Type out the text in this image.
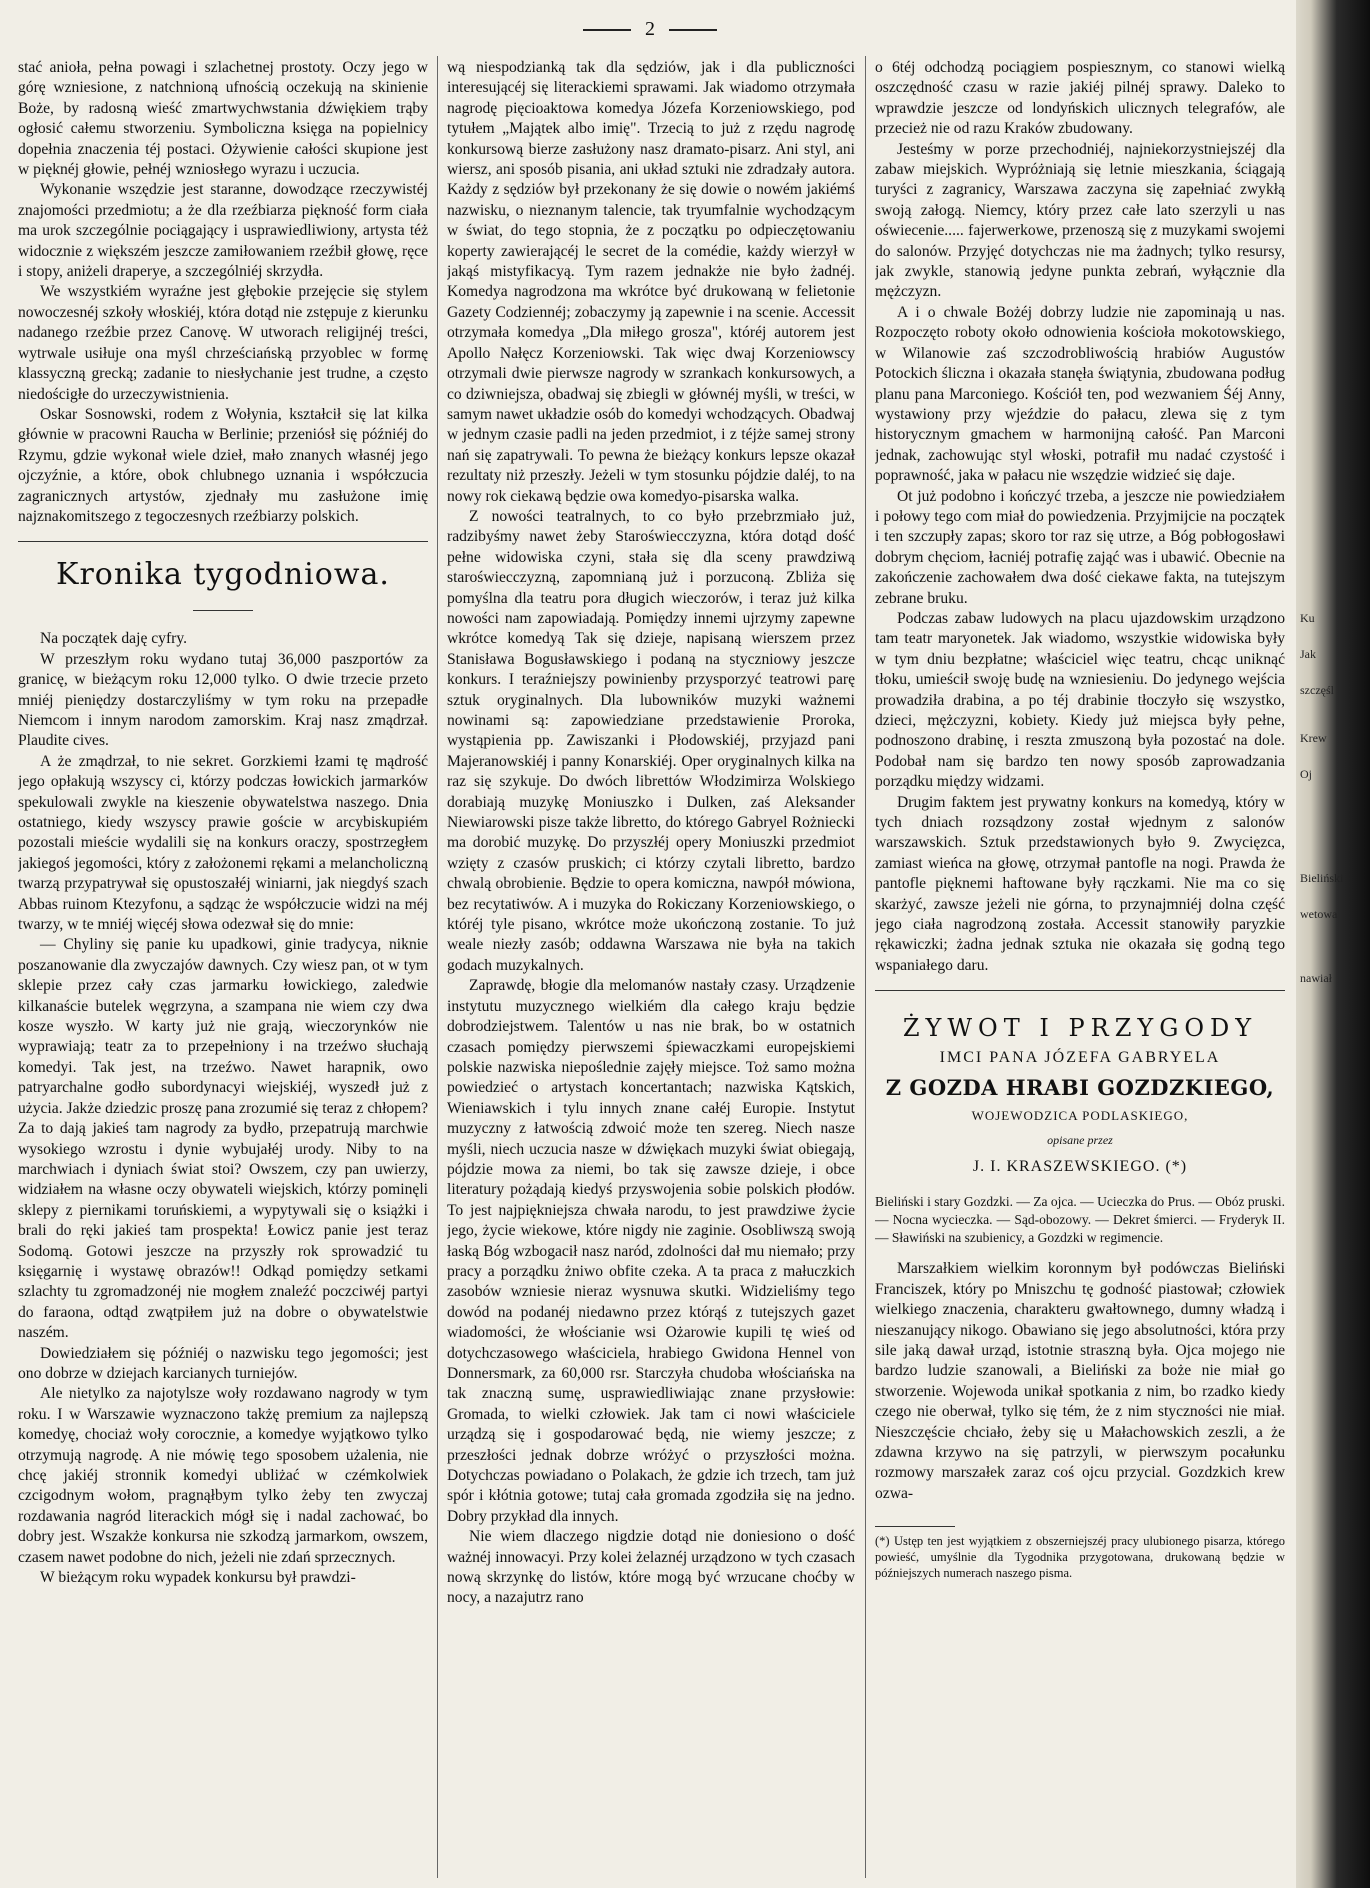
2

stać anioła, pełna powagi i szlachetnej prostoty. Oczy jego w górę wzniesione, z natchnioną ufnością oczekują na skinienie Boże, by radosną wieść zmartwychwstania dźwiękiem trąby ogłosić całemu stworzeniu. Symboliczna księga na popielnicy dopełnia znaczenia téj postaci. Ożywienie całości skupione jest w pięknéj głowie, pełnéj wzniosłego wyrazu i uczucia.

Wykonanie wszędzie jest staranne, dowodzące rzeczywistéj znajomości przedmiotu; a że dla rzeźbiarza piękność form ciała ma urok szczególnie pociągający i usprawiedliwiony, artysta téż widocznie z większém jeszcze zamiłowaniem rzeźbił głowę, ręce i stopy, aniżeli draperye, a szczególniéj skrzydła.

We wszystkiém wyraźne jest głębokie przejęcie się stylem nowoczesnéj szkoły włoskiéj, która dotąd nie zstępuje z kierunku nadanego rzeźbie przez Canovę. W utworach religijnéj treści, wytrwale usiłuje ona myśl chrześciańską przyoblec w formę klassyczną grecką; zadanie to niesłychanie jest trudne, a często niedościgłe do urzeczywistnienia.

Oskar Sosnowski, rodem z Wołynia, kształcił się lat kilka głównie w pracowni Raucha w Berlinie; przeniósł się późniéj do Rzymu, gdzie wykonał wiele dzieł, mało znanych własnéj jego ojczyźnie, a które, obok chlubnego uznania i współczucia zagranicznych artystów, zjednały mu zasłużone imię najznakomitszego z tegoczesnych rzeźbiarzy polskich.

Kronika tygodniowa.

Na początek daję cyfry.

W przeszłym roku wydano tutaj 36,000 paszportów za granicę, w bieżącym roku 12,000 tylko. O dwie trzecie przeto mniéj pieniędzy dostarczyliśmy w tym roku na przepadłe Niemcom i innym narodom zamorskim. Kraj nasz zmądrzał. Plaudite cives.

A że zmądrzał, to nie sekret. Gorzkiemi łzami tę mądrość jego opłakują wszyscy ci, którzy podczas łowickich jarmarków spekulowali zwykle na kieszenie obywatelstwa naszego. Dnia ostatniego, kiedy wszyscy prawie goście w arcybiskupiém pozostali mieście wydalili się na konkurs oraczy, spostrzegłem jakiegoś jegomości, który z założonemi rękami a melancholiczną twarzą przypatrywał się opustoszałéj winiarni, jak niegdyś szach Abbas ruinom Ktezyfonu, a sądząc że współczucie widzi na méj twarzy, w te mniéj więcéj słowa odezwał się do mnie:

— Chyliny się panie ku upadkowi, ginie tradycya, niknie poszanowanie dla zwyczajów dawnych. Czy wiesz pan, ot w tym sklepie przez cały czas jarmarku łowickiego, zaledwie kilkanaście butelek węgrzyna, a szampana nie wiem czy dwa kosze wyszło. W karty już nie grają, wieczorynków nie wyprawiają; teatr za to przepełniony i na trzeźwo słuchają komedyi. Tak jest, na trzeźwo. Nawet harapnik, owo patryarchalne godło subordynacyi wiejskiéj, wyszedł już z użycia. Jakże dziedzic proszę pana zrozumié się teraz z chłopem? Za to dają jakieś tam nagrody za bydło, przepatrują marchwie wysokiego wzrostu i dynie wybujałéj urody. Niby to na marchwiach i dyniach świat stoi? Owszem, czy pan uwierzy, widziałem na własne oczy obywateli wiejskich, którzy pominęli sklepy z piernikami toruńskiemi, a wypytywali się o książki i brali do ręki jakieś tam prospekta! Łowicz panie jest teraz Sodomą. Gotowi jeszcze na przyszły rok sprowadzić tu księgarnię i wystawę obrazów!! Odkąd pomiędzy setkami szlachty tu zgromadzonéj nie mogłem znaleźć poczciwéj partyi do faraona, odtąd zwątpiłem już na dobre o obywatelstwie naszém.

Dowiedziałem się późniéj o nazwisku tego jegomości; jest ono dobrze w dziejach karcianych turniejów.

Ale nietylko za najotylsze woły rozdawano nagrody w tym roku. I w Warszawie wyznaczono takżę premium za najlepszą komedyę, chociaż woły corocznie, a komedye wyjątkowo tylko otrzymują nagrodę. A nie mówię tego sposobem użalenia, nie chcę jakiéj stronnik komedyi ubliżać w czémkolwiek czcigodnym wołom, pragnąłbym tylko żeby ten zwyczaj rozdawania nagród literackich mógł się i nadal zachować, bo dobry jest. Wszakże konkursa nie szkodzą jarmarkom, owszem, czasem nawet podobne do nich, jeżeli nie zdań sprzecznych.

W bieżącym roku wypadek konkursu był prawdzi-

wą niespodzianką tak dla sędziów, jak i dla publiczności interesującéj się literackiemi sprawami. Jak wiadomo otrzymała nagrodę pięcioaktowa komedya Józefa Korzeniowskiego, pod tytułem „Majątek albo imię". Trzecią to już z rzędu nagrodę konkursową bierze zasłużony nasz dramato-pisarz. Ani styl, ani wiersz, ani sposób pisania, ani układ sztuki nie zdradzały autora. Każdy z sędziów był przekonany że się dowie o nowém jakiémś nazwisku, o nieznanym talencie, tak tryumfalnie wychodzącym w świat, do tego stopnia, że z początku po odpieczętowaniu koperty zawierającéj le secret de la comédie, każdy wierzył w jakąś mistyfikacyą. Tym razem jednakże nie było żadnéj. Komedya nagrodzona ma wkrótce być drukowaną w felietonie Gazety Codziennéj; zobaczymy ją zapewnie i na scenie. Accessit otrzymała komedya „Dla miłego grosza", któréj autorem jest Apollo Nałęcz Korzeniowski. Tak więc dwaj Korzeniowscy otrzymali dwie pierwsze nagrody w szrankach konkursowych, a co dziwniejsza, obadwaj się zbiegli w głównéj myśli, w treści, w samym nawet układzie osób do komedyi wchodzących. Obadwaj w jednym czasie padli na jeden przedmiot, i z téjże samej strony nań się zapatrywali. To pewna że bieżący konkurs lepsze okazał rezultaty niż przeszły. Jeżeli w tym stosunku pójdzie daléj, to na nowy rok ciekawą będzie owa komedyo-pisarska walka.

Z nowości teatralnych, to co było przebrzmiało już, radzibyśmy nawet żeby Staroświecczyzna, która dotąd dość pełne widowiska czyni, stała się dla sceny prawdziwą staroświecczyzną, zapomnianą już i porzuconą. Zbliża się pomyślna dla teatru pora długich wieczorów, i teraz już kilka nowości nam zapowiadają. Pomiędzy innemi ujrzymy zapewne wkrótce komedyą Tak się dzieje, napisaną wierszem przez Stanisława Bogusławskiego i podaną na styczniowy jeszcze konkurs. I teraźniejszy powinienby przysporzyć teatrowi parę sztuk oryginalnych. Dla lubowników muzyki ważnemi nowinami są: zapowiedziane przedstawienie Proroka, wystąpienia pp. Zawiszanki i Płodowskiéj, przyjazd pani Majeranowskiéj i panny Konarskiéj. Oper oryginalnych kilka na raz się szykuje. Do dwóch librettów Włodzimirza Wolskiego dorabiają muzykę Moniuszko i Dulken, zaś Aleksander Niewiarowski pisze także libretto, do którego Gabryel Rożniecki ma dorobić muzykę. Do przyszłéj opery Moniuszki przedmiot wzięty z czasów pruskich; ci którzy czytali libretto, bardzo chwalą obrobienie. Będzie to opera komiczna, nawpół mówiona, bez recytatiwów. A i muzyka do Rokiczany Korzeniowskiego, o któréj tyle pisano, wkrótce może ukończoną zostanie. To już weale niezły zasób; oddawna Warszawa nie była na takich godach muzykalnych.

Zaprawdę, błogie dla melomanów nastały czasy. Urządzenie instytutu muzycznego wielkiém dla całego kraju będzie dobrodziejstwem. Talentów u nas nie brak, bo w ostatnich czasach pomiędzy pierwszemi śpiewaczkami europejskiemi polskie nazwiska niepoślednie zajęły miejsce. Toż samo można powiedzieć o artystach koncertantach; nazwiska Kątskich, Wieniawskich i tylu innych znane całéj Europie. Instytut muzyczny z łatwością zdwoić może ten szereg. Niech nasze myśli, niech uczucia nasze w dźwiękach muzyki świat obiegają, pójdzie mowa za niemi, bo tak się zawsze dzieje, i obce literatury pożądają kiedyś przyswojenia sobie polskich płodów. To jest najpiękniejsza chwała narodu, to jest prawdziwe życie jego, życie wiekowe, które nigdy nie zaginie. Osobliwszą swoją łaską Bóg wzbogacił nasz naród, zdolności dał mu niemało; przy pracy a porządku żniwo obfite czeka. A ta praca z małuczkich zasobów wzniesie nieraz wysnuwa skutki. Widzieliśmy tego dowód na podanéj niedawno przez którąś z tutejszych gazet wiadomości, że włościanie wsi Ożarowie kupili tę wieś od dotychczasowego właściciela, hrabiego Gwidona Hennel von Donnersmark, za 60,000 rsr. Starczyła chudoba włościańska na tak znaczną sumę, usprawiedliwiając znane przysłowie: Gromada, to wielki człowiek. Jak tam ci nowi właściciele urządzą się i gospodarować będą, nie wiemy jeszcze; z przeszłości jednak dobrze wróżyć o przyszłości można. Dotychczas powiadano o Polakach, że gdzie ich trzech, tam już spór i kłótnia gotowe; tutaj cała gromada zgodziła się na jedno. Dobry przykład dla innych.

Nie wiem dlaczego nigdzie dotąd nie doniesiono o dość ważnéj innowacyi. Przy kolei żelaznéj urządzono w tych czasach nową skrzynkę do listów, które mogą być wrzucane choćby w nocy, a nazajutrz rano

o 6téj odchodzą pociągiem pospiesznym, co stanowi wielką oszczędność czasu w razie jakiéj pilnéj sprawy. Daleko to wprawdzie jeszcze od londyńskich ulicznych telegrafów, ale przecież nie od razu Kraków zbudowany.

Jesteśmy w porze przechodniéj, najniekorzystniejszéj dla zabaw miejskich. Wypróżniają się letnie mieszkania, ściągają turyści z zagranicy, Warszawa zaczyna się zapełniać zwykłą swoją załogą. Niemcy, który przez całe lato szerzyli u nas oświecenie..... fajerwerkowe, przenoszą się z muzykami swojemi do salonów. Przyjęć dotychczas nie ma żadnych; tylko resursy, jak zwykle, stanowią jedyne punkta zebrań, wyłącznie dla mężczyzn.

A i o chwale Bożéj dobrzy ludzie nie zapominają u nas. Rozpoczęto roboty około odnowienia kościoła mokotowskiego, w Wilanowie zaś szczodrobliwością hrabiów Augustów Potockich śliczna i okazała stanęła świątynia, zbudowana podług planu pana Marconiego. Kościół ten, pod wezwaniem Śéj Anny, wystawiony przy wjeździe do pałacu, zlewa się z tym historycznym gmachem w harmonijną całość. Pan Marconi jednak, zachowując styl włoski, potrafił mu nadać czystość i poprawność, jaka w pałacu nie wszędzie widzieć się daje.

Ot już podobno i kończyć trzeba, a jeszcze nie powiedziałem i połowy tego com miał do powiedzenia. Przyjmijcie na początek i ten szczupły zapas; skoro tor raz się utrze, a Bóg pobłogosławi dobrym chęciom, łacniéj potrafię zająć was i ubawić. Obecnie na zakończenie zachowałem dwa dość ciekawe fakta, na tutejszym zebrane bruku.

Podczas zabaw ludowych na placu ujazdowskim urządzono tam teatr maryonetek. Jak wiadomo, wszystkie widowiska były w tym dniu bezpłatne; właściciel więc teatru, chcąc uniknąć tłoku, umieścił swoję budę na wzniesieniu. Do jedynego wejścia prowadziła drabina, a po téj drabinie tłoczyło się wszystko, dzieci, mężczyzni, kobiety. Kiedy już miejsca były pełne, podnoszono drabinę, i reszta zmuszoną była pozostać na dole. Podobał nam się bardzo ten nowy sposób zaprowadzania porządku między widzami.

Drugim faktem jest prywatny konkurs na komedyą, który w tych dniach rozsądzony został wjednym z salonów warszawskich. Sztuk przedstawionych było 9. Zwycięzca, zamiast wieńca na głowę, otrzymał pantofle na nogi. Prawda że pantofle pięknemi haftowane były rączkami. Nie ma co się skarżyć, zawsze jeżeli nie górna, to przynajmniéj dolna część jego ciała nagrodzoną została. Accessit stanowiły paryzkie rękawiczki; żadna jednak sztuka nie okazała się godną tego wspaniałego daru.

ŻYWOT I PRZYGODY
IMCI PANA JÓZEFA GABRYELA
Z GOZDA HRABI GOZDZKIEGO,
WOJEWODZICA PODLASKIEGO,
opisane przez
J. I. KRASZEWSKIEGO. (*)
Bieliński i stary Gozdzki. — Za ojca. — Ucieczka do Prus. — Obóz pruski. — Nocna wycieczka. — Sąd-obozowy. — Dekret śmierci. — Fryderyk II. — Sławiński na szubienicy, a Gozdzki w regimencie.

Marszałkiem wielkim koronnym był podówczas Bieliński Franciszek, który po Mniszchu tę godność piastował; człowiek wielkiego znaczenia, charakteru gwałtownego, dumny władzą i nieszanujący nikogo. Obawiano się jego absolutności, która przy sile jaką dawał urząd, istotnie straszną była. Ojca mojego nie bardzo ludzie szanowali, a Bieliński za boże nie miał go stworzenie. Wojewoda unikał spotkania z nim, bo rzadko kiedy czego nie oberwał, tylko się tém, że z nim styczności nie miał. Nieszczęście chciało, żeby się u Małachowskich zeszli, a że zdawna krzywo na się patrzyli, w pierwszym pocałunku rozmowy marszałek zaraz coś ojcu przycial. Gozdzkich krew ozwa-

(*) Ustęp ten jest wyjątkiem z obszerniejszéj pracy ulubionego pisarza, którego powieść, umyślnie dla Tygodnika przygotowana, drukowaną będzie w późniejszych numerach naszego pisma.
Ku
Jak
szczęśl
Krew
Oj
Bieliński
wetowa
nawiał
